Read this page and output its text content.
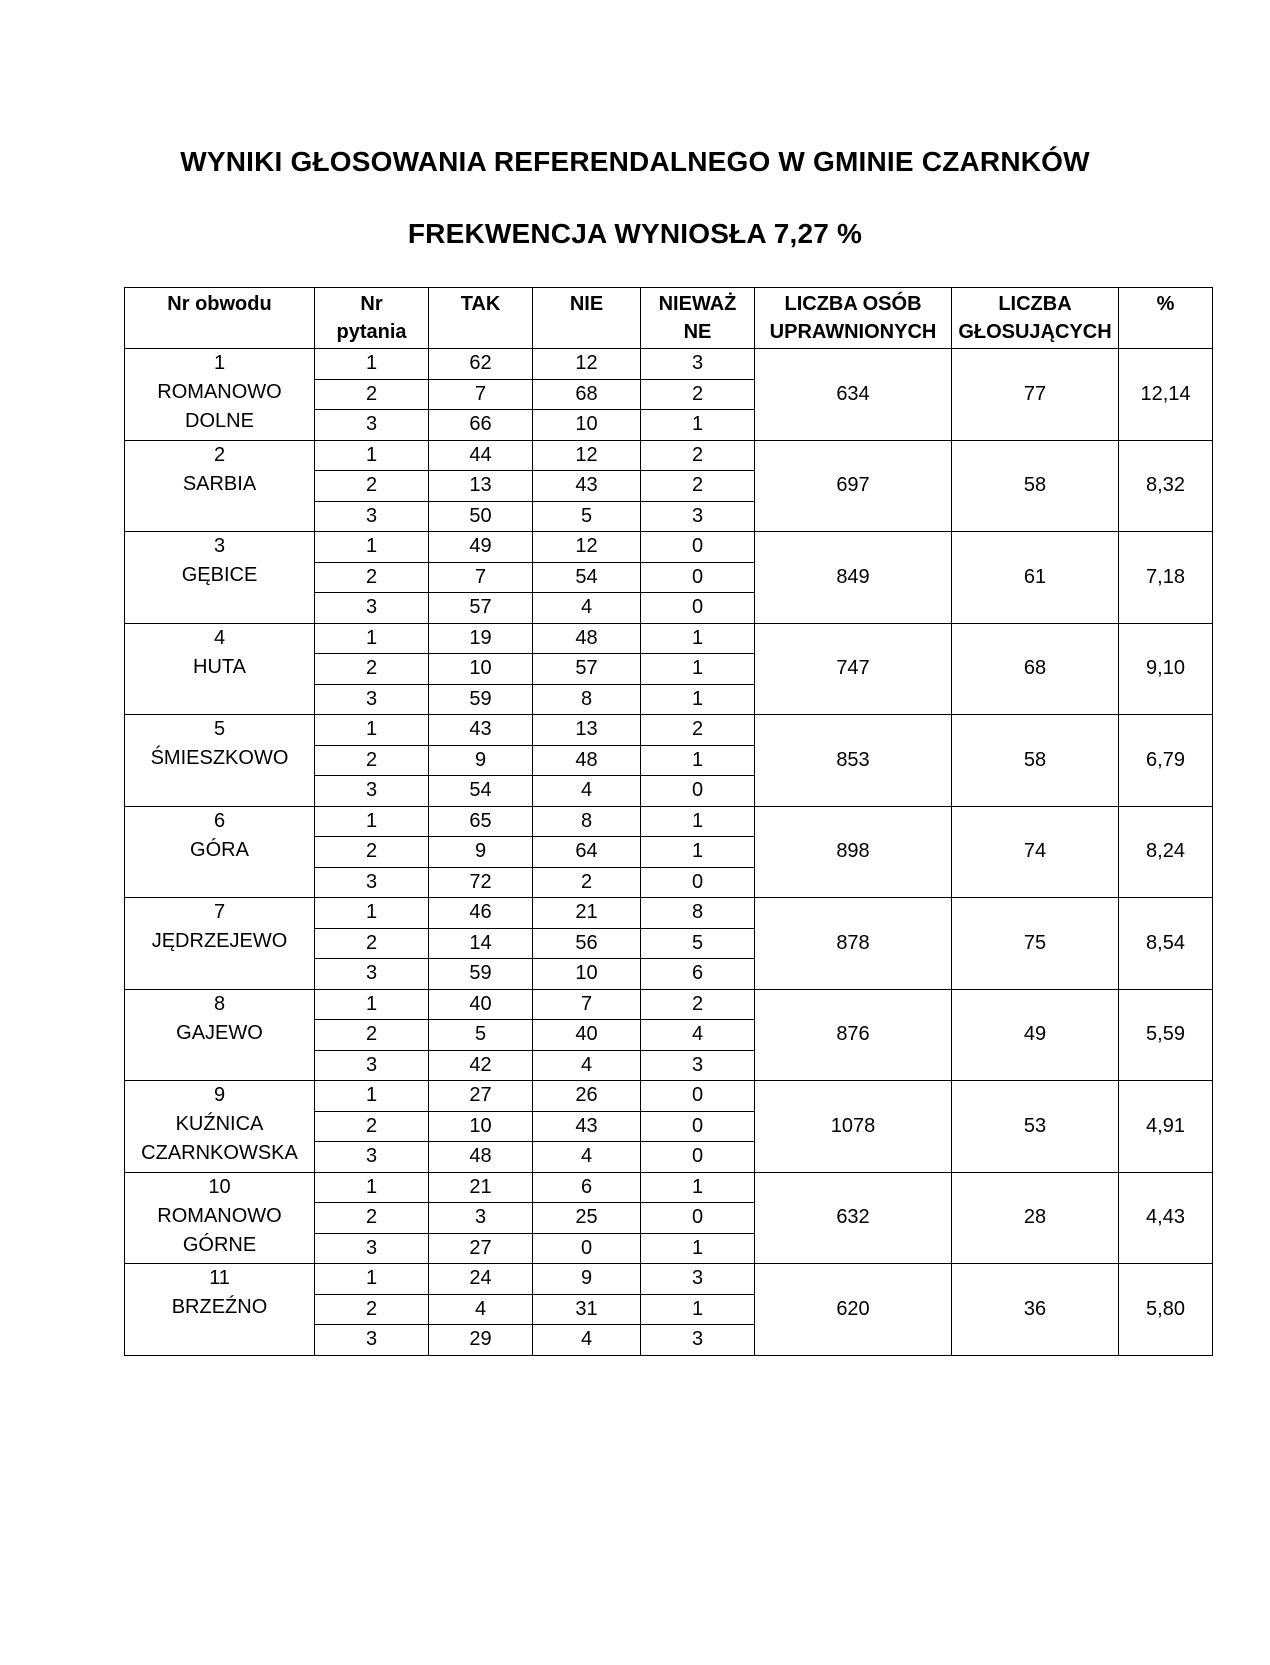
WYNIKI GŁOSOWANIA REFERENDALNEGO W GMINIE CZARNKÓW
FREKWENCJA WYNIOSŁA 7,27 %
Nr obwodu	Nr
pytania	TAK	NIE	NIEWAŻ
NE	LICZBA OSÓB
UPRAWNIONYCH	LICZBA
GŁOSUJĄCYCH	%

1
ROMANOWO
DOLNE	1	62	12	3	634	77	12,14
	2	7	68	2			
	3	66	10	1			

2
SARBIA	1	44	12	2	697	58	8,32
	2	13	43	2			
	3	50	5	3			

3
GĘBICE	1	49	12	0	849	61	7,18
	2	7	54	0			
	3	57	4	0			

4
HUTA	1	19	48	1	747	68	9,10
	2	10	57	1			
	3	59	8	1			

5
ŚMIESZKOWO	1	43	13	2	853	58	6,79
	2	9	48	1			
	3	54	4	0			

6
GÓRA	1	65	8	1	898	74	8,24
	2	9	64	1			
	3	72	2	0			

7
JĘDRZEJEWO	1	46	21	8	878	75	8,54
	2	14	56	5			
	3	59	10	6			

8
GAJEWO	1	40	7	2	876	49	5,59
	2	5	40	4			
	3	42	4	3			

9
KUŹNICA
CZARNKOWSKA	1	27	26	0	1078	53	4,91
	2	10	43	0			
	3	48	4	0			

10
ROMANOWO
GÓRNE	1	21	6	1	632	28	4,43
	2	3	25	0			
	3	27	0	1			

11
BRZEŹNO	1	24	9	3	620	36	5,80
	2	4	31	1			
	3	29	4	3			
